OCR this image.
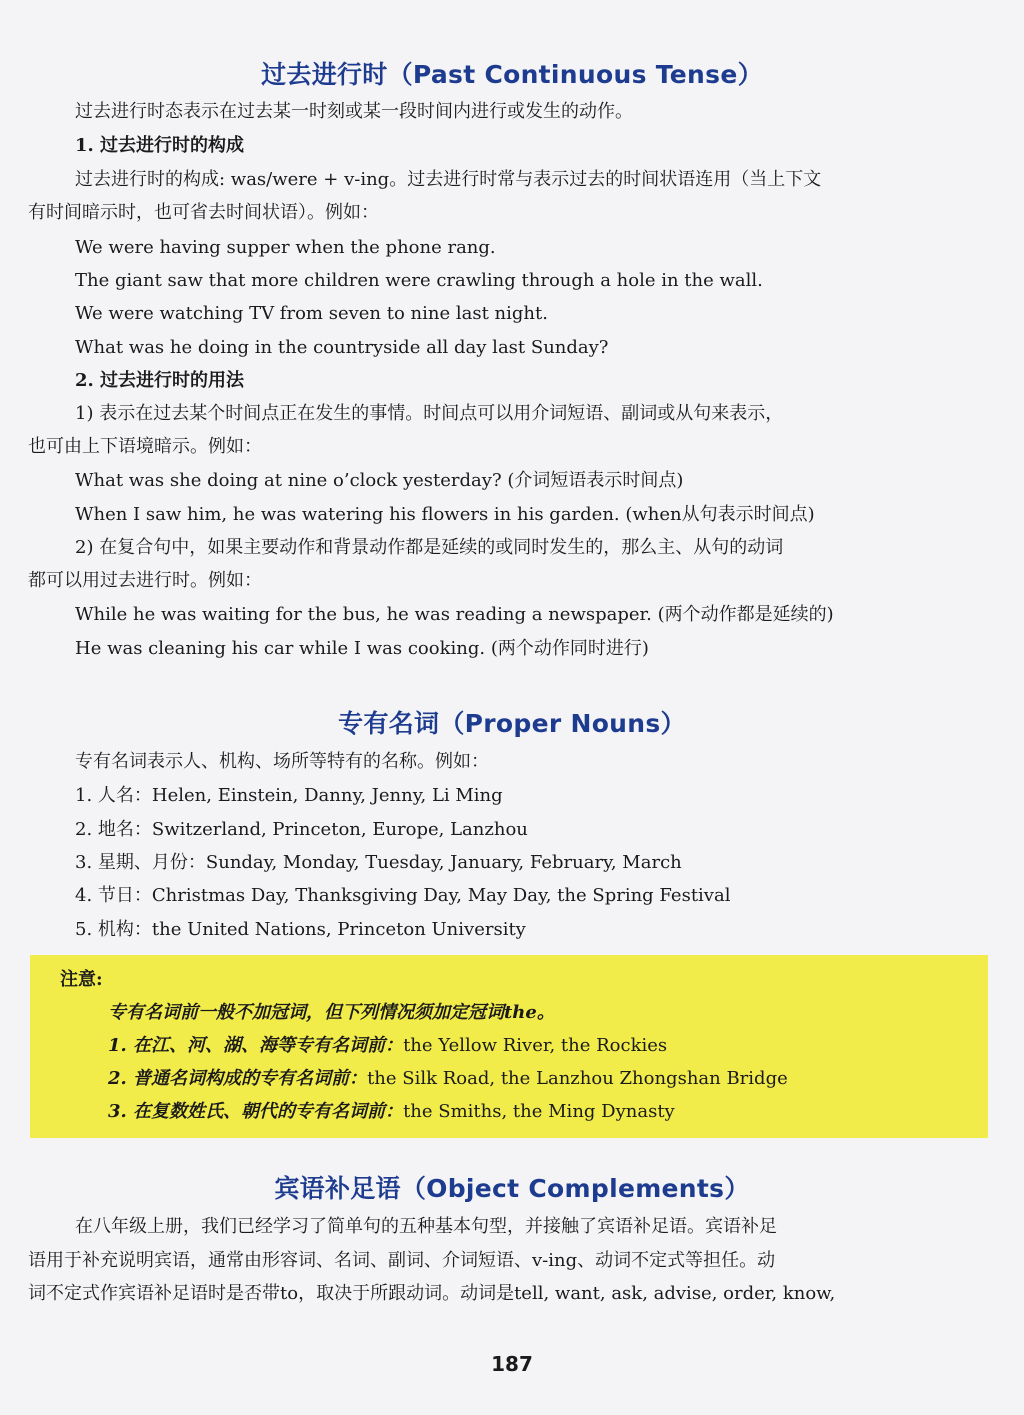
过去进行时（Past Continuous Tense）
过去进行时态表示在过去某一时刻或某一段时间内进行或发生的动作。
1. 过去进行时的构成
过去进行时的构成: was/were + v-ing。过去进行时常与表示过去的时间状语连用（当上下文
有时间暗示时，也可省去时间状语）。例如：
We were having supper when the phone rang.
The giant saw that more children were crawling through a hole in the wall.
We were watching TV from seven to nine last night.
What was he doing in the countryside all day last Sunday?
2. 过去进行时的用法
1) 表示在过去某个时间点正在发生的事情。时间点可以用介词短语、副词或从句来表示，
也可由上下语境暗示。例如：
What was she doing at nine o’clock yesterday? (介词短语表示时间点)
When I saw him, he was watering his flowers in his garden. (when从句表示时间点)
2) 在复合句中，如果主要动作和背景动作都是延续的或同时发生的，那么主、从句的动词
都可以用过去进行时。例如：
While he was waiting for the bus, he was reading a newspaper. (两个动作都是延续的)
He was cleaning his car while I was cooking. (两个动作同时进行)
专有名词（Proper Nouns）
专有名词表示人、机构、场所等特有的名称。例如：
1. 人名：Helen, Einstein, Danny, Jenny, Li Ming
2. 地名：Switzerland, Princeton, Europe, Lanzhou
3. 星期、月份：Sunday, Monday, Tuesday, January, February, March
4. 节日：Christmas Day, Thanksgiving Day, May Day, the Spring Festival
5. 机构：the United Nations, Princeton University
注意:
专有名词前一般不加冠词，但下列情况须加定冠词the。
1. 在江、河、湖、海等专有名词前：the Yellow River, the Rockies
2. 普通名词构成的专有名词前：the Silk Road, the Lanzhou Zhongshan Bridge
3. 在复数姓氏、朝代的专有名词前：the Smiths, the Ming Dynasty
宾语补足语（Object Complements）
在八年级上册，我们已经学习了简单句的五种基本句型，并接触了宾语补足语。宾语补足
语用于补充说明宾语，通常由形容词、名词、副词、介词短语、v-ing、动词不定式等担任。动
词不定式作宾语补足语时是否带to，取决于所跟动词。动词是tell, want, ask, advise, order, know,
187
